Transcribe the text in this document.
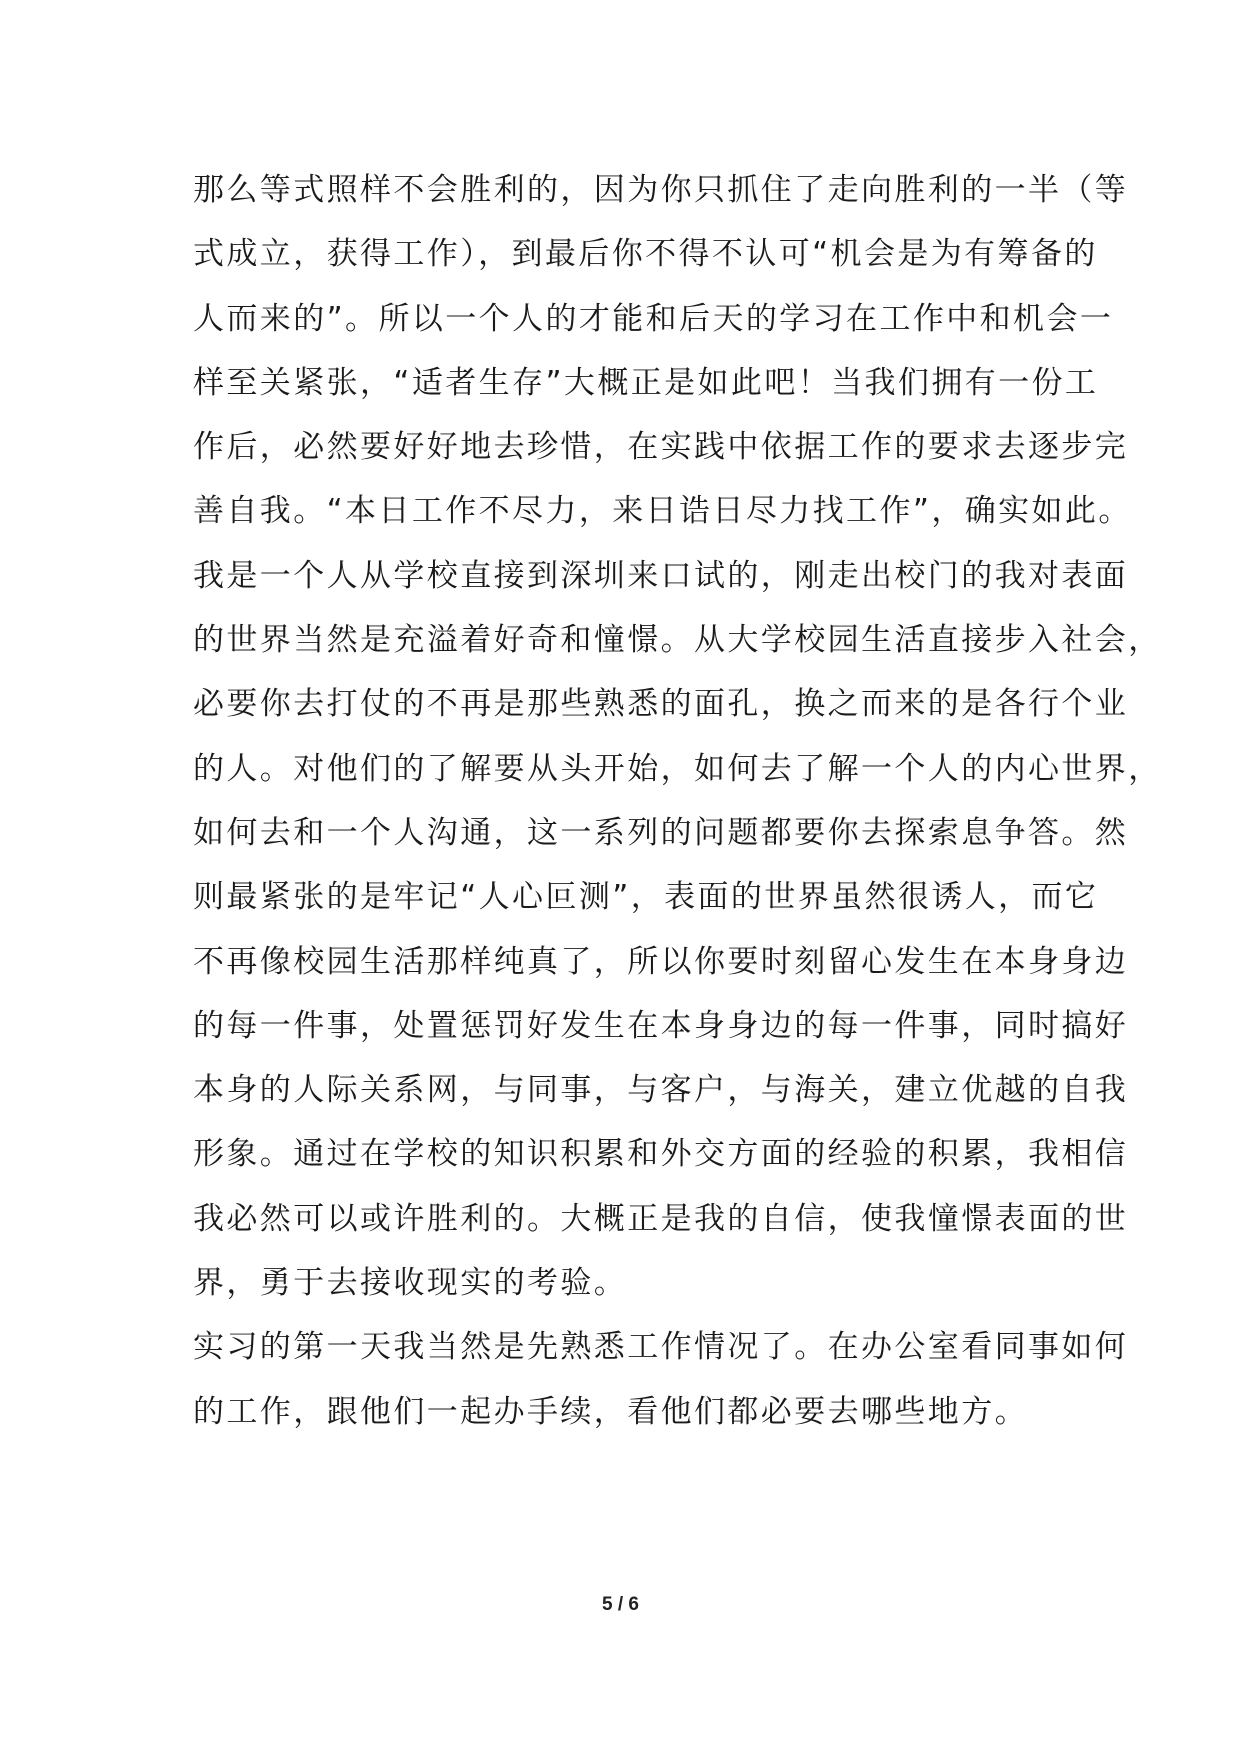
那么等式照样不会胜利的，因为你只抓住了走向胜利的一半（等
式成立，获得工作），到最后你不得不认可“机会是为有筹备的
人而来的”。所以一个人的才能和后天的学习在工作中和机会一
样至关紧张，“适者生存”大概正是如此吧！当我们拥有一份工
作后，必然要好好地去珍惜，在实践中依据工作的要求去逐步完
善自我。“本日工作不尽力，来日诰日尽力找工作”，确实如此。
我是一个人从学校直接到深圳来口试的，刚走出校门的我对表面
的世界当然是充溢着好奇和憧憬。从大学校园生活直接步入社会，
必要你去打仗的不再是那些熟悉的面孔，换之而来的是各行个业
的人。对他们的了解要从头开始，如何去了解一个人的内心世界，
如何去和一个人沟通，这一系列的问题都要你去探索息争答。然
则最紧张的是牢记“人心叵测”，表面的世界虽然很诱人，而它
不再像校园生活那样纯真了，所以你要时刻留心发生在本身身边
的每一件事，处置惩罚好发生在本身身边的每一件事，同时搞好
本身的人际关系网，与同事，与客户，与海关，建立优越的自我
形象。通过在学校的知识积累和外交方面的经验的积累，我相信
我必然可以或许胜利的。大概正是我的自信，使我憧憬表面的世
界，勇于去接收现实的考验。
实习的第一天我当然是先熟悉工作情况了。在办公室看同事如何
的工作，跟他们一起办手续，看他们都必要去哪些地方。
5 / 6
